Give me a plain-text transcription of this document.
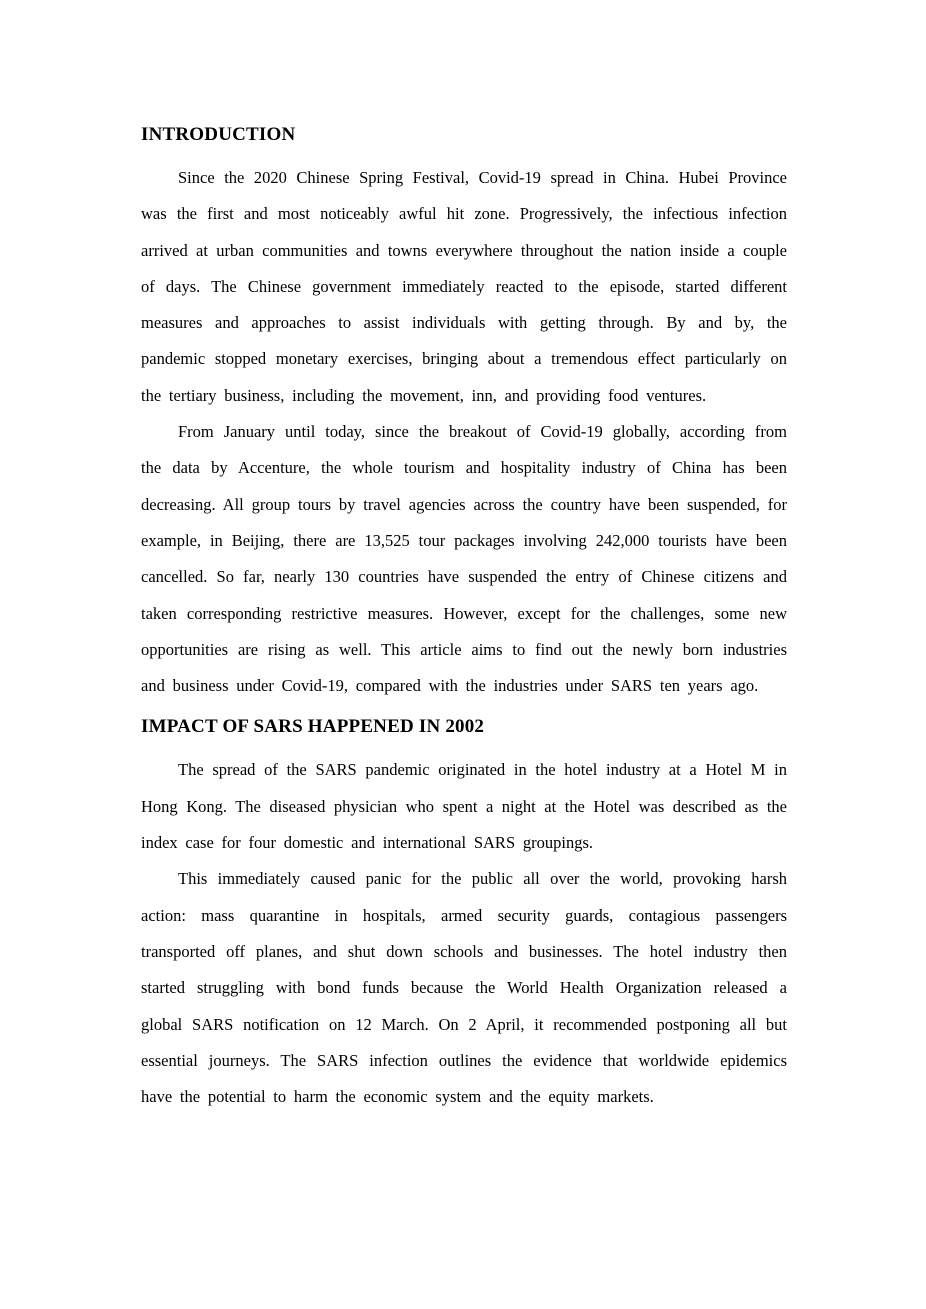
INTRODUCTION

Since the 2020 Chinese Spring Festival, Covid-19 spread in China. Hubei Province was the first and most noticeably awful hit zone. Progressively, the infectious infection arrived at urban communities and towns everywhere throughout the nation inside a couple of days. The Chinese government immediately reacted to the episode, started different measures and approaches to assist individuals with getting through. By and by, the pandemic stopped monetary exercises, bringing about a tremendous effect particularly on the tertiary business, including the movement, inn, and providing food ventures.

From January until today, since the breakout of Covid-19 globally, according from the data by Accenture, the whole tourism and hospitality industry of China has been decreasing. All group tours by travel agencies across the country have been suspended, for example, in Beijing, there are 13,525 tour packages involving 242,000 tourists have been cancelled. So far, nearly 130 countries have suspended the entry of Chinese citizens and taken corresponding restrictive measures. However, except for the challenges, some new opportunities are rising as well. This article aims to find out the newly born industries and business under Covid-19, compared with the industries under SARS ten years ago.

IMPACT OF SARS HAPPENED IN 2002

The spread of the SARS pandemic originated in the hotel industry at a Hotel M in Hong Kong. The diseased physician who spent a night at the Hotel was described as the index case for four domestic and international SARS groupings.

This immediately caused panic for the public all over the world, provoking harsh action: mass quarantine in hospitals, armed security guards, contagious passengers transported off planes, and shut down schools and businesses. The hotel industry then started struggling with bond funds because the World Health Organization released a global SARS notification on 12 March. On 2 April, it recommended postponing all but essential journeys. The SARS infection outlines the evidence that worldwide epidemics have the potential to harm the economic system and the equity markets.
